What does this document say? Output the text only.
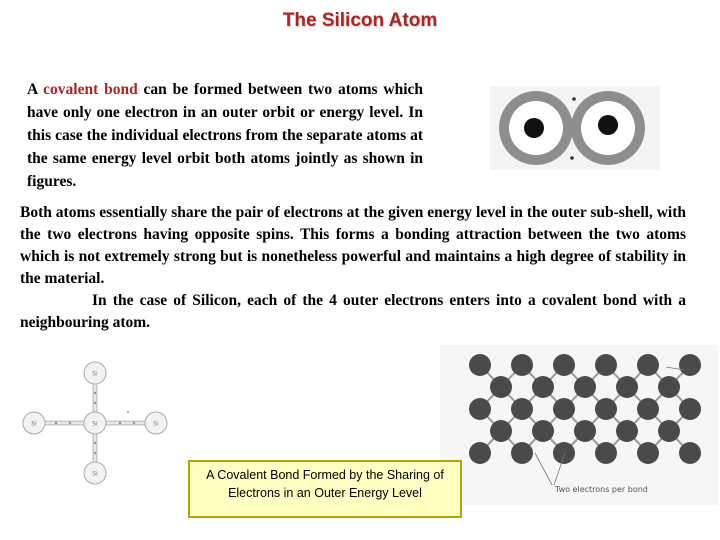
The Silicon Atom
A covalent bond can be formed between two atoms which have only one electron in an outer orbit or energy level. In this case the individual electrons from the separate atoms at the same energy level orbit both atoms jointly as shown in figures.
Both atoms essentially share the pair of electrons at the given energy level in the outer sub-shell, with the two electrons having opposite spins. This forms a bonding attraction between the two atoms which is not extremely strong but is nonetheless powerful and maintains a high degree of stability in the material.
In the case of Silicon, each of the 4 outer electrons enters into a covalent bond with a neighbouring atom.
Si
Si	Si	Si
Si
Si
Two electrons per bond
A Covalent Bond Formed by the Sharing of Electrons in an Outer Energy Level
